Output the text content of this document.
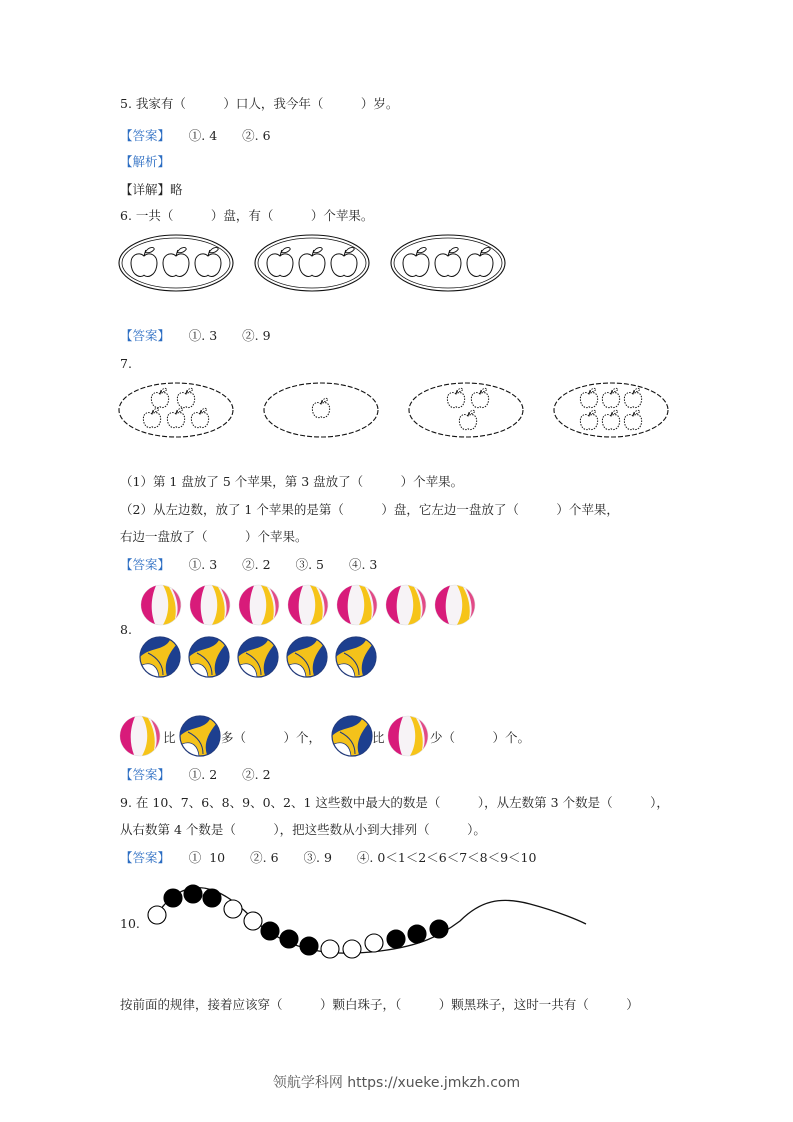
5. 我家有（　　　）口人，我今年（　　　）岁。
【答案】　　 ①. 4　　②. 6
【解析】
【详解】略
6. 一共（　　　）盘，有（　　　）个苹果。
【答案】　　 ①. 3　　②. 9
7.
（1）第 1 盘放了 5 个苹果，第 3 盘放了（　　　）个苹果。
（2）从左边数，放了 1 个苹果的是第（　　　）盘，它左边一盘放了（　　　）个苹果，
右边一盘放了（　　　）个苹果。
【答案】　　 ①. 3　　②. 2　　③. 5　　④. 3
8.
比	多（　　　）个，	比	少（　　　）个。
【答案】　　 ①. 2　　②. 2
9. 在 10、7、6、8、9、0、2、1 这些数中最大的数是（　　　），从左数第 3 个数是（　　　），
从右数第 4 个数是（　　　），把这些数从小到大排列（　　　）。
【答案】　　 ①  10　　②. 6　　③. 9　　④. 0＜1＜2＜6＜7＜8＜9＜10
10.
按前面的规律，接着应该穿（　　　）颗白珠子，（　　　）颗黑珠子，这时一共有（　　　）
领航学科网 https://xueke.jmkzh.com
